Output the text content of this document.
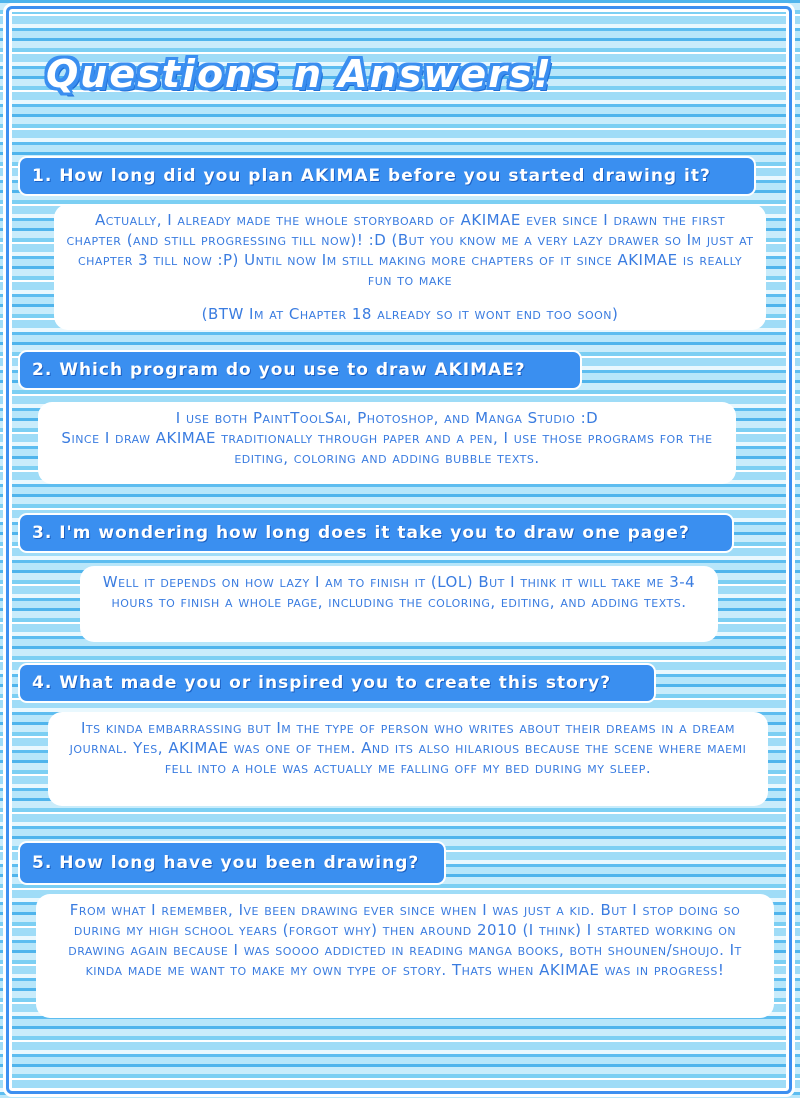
Questions n Answers!
1. How long did you plan AKIMAE before you started drawing it?

Actually, I already made the whole storyboard of AKIMAE ever since I drawn the first chapter (and still progressing till now)! :D (But you know me a very lazy drawer so Im just at chapter 3 till now :P) Until now Im still making more chapters of it since AKIMAE is really fun to make

(BTW Im at Chapter 18 already so it wont end too soon)

2. Which program do you use to draw AKIMAE?

I use both PaintToolSai, Photoshop, and Manga Studio :D

Since I draw AKIMAE traditionally through paper and a pen, I use those programs for the editing, coloring and adding bubble texts.

3. I'm wondering how long does it take you to draw one page?

Well it depends on how lazy I am to finish it (LOL) But I think it will take me 3-4 hours to finish a whole page, including the coloring, editing, and adding texts.

4. What made you or inspired you to create this story?

Its kinda embarrassing but Im the type of person who writes about their dreams in a dream journal. Yes, AKIMAE was one of them. And its also hilarious because the scene where maemi fell into a hole was actually me falling off my bed during my sleep.

5. How long have you been drawing?

From what I remember, Ive been drawing ever since when I was just a kid. But I stop doing so during my high school years (forgot why) then around 2010 (I think) I started working on drawing again because I was soooo addicted in reading manga books, both shounen/shoujo. It kinda made me want to make my own type of story. Thats when AKIMAE was in progress!
